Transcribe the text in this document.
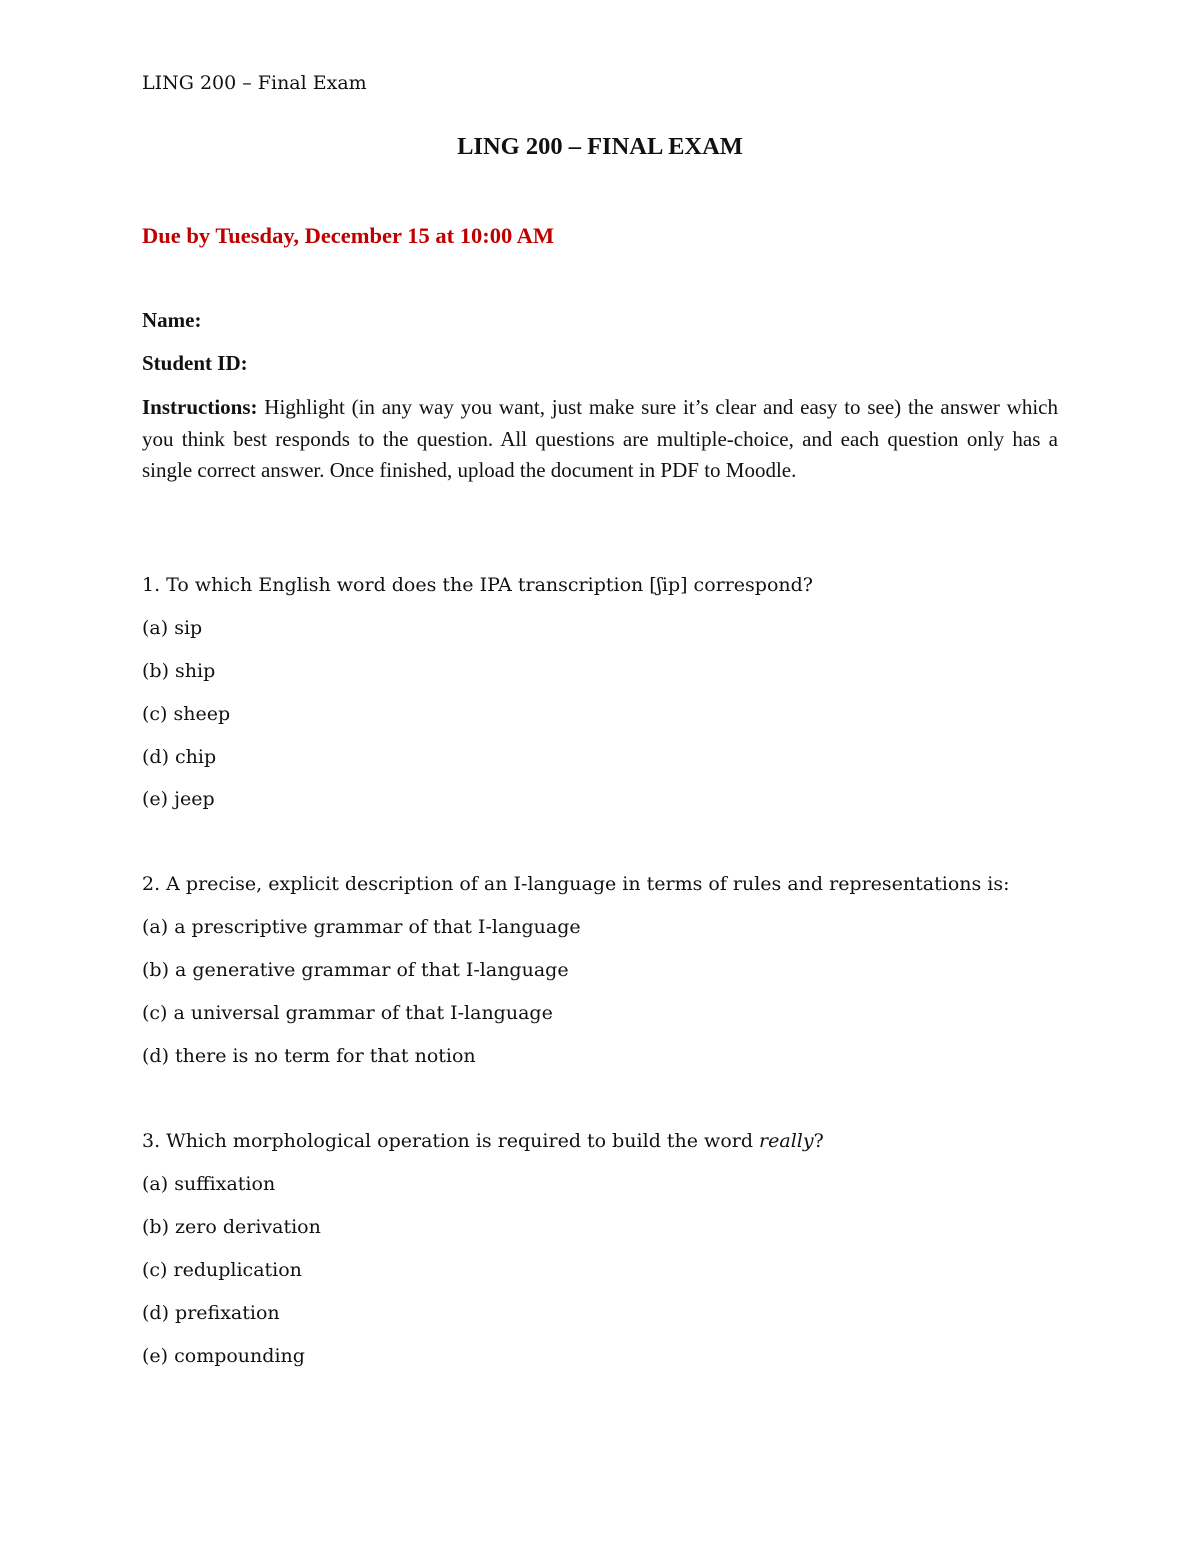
LING 200 – Final Exam
LING 200 – FINAL EXAM
Due by Tuesday, December 15 at 10:00 AM
Name:
Student ID:
Instructions: Highlight (in any way you want, just make sure it’s clear and easy to see) the answer which you think best responds to the question. All questions are multiple-choice, and each question only has a single correct answer. Once finished, upload the document in PDF to Moodle.
1. To which English word does the IPA transcription [ʃip] correspond?
(a) sip
(b) ship
(c) sheep
(d) chip
(e) jeep
2. A precise, explicit description of an I-language in terms of rules and representations is:
(a) a prescriptive grammar of that I-language
(b) a generative grammar of that I-language
(c) a universal grammar of that I-language
(d) there is no term for that notion
3. Which morphological operation is required to build the word really?
(a) suffixation
(b) zero derivation
(c) reduplication
(d) prefixation
(e) compounding
